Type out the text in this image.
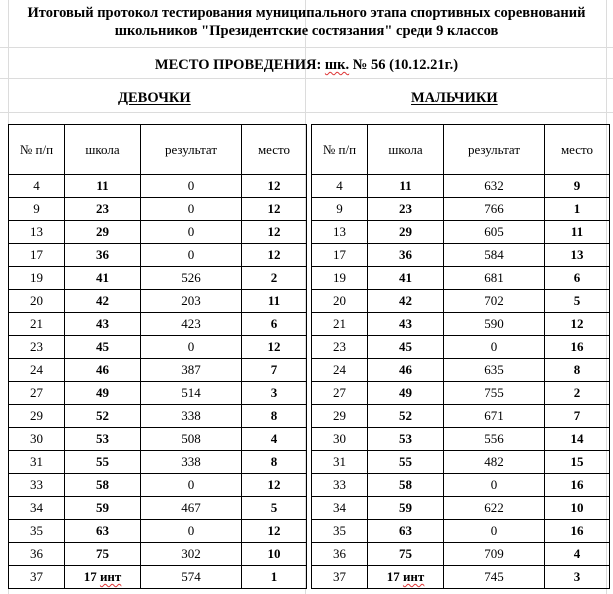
Итоговый протокол тестирования муниципального этапа спортивных соревнований
школьников "Президентские состязания" среди 9 классов
МЕСТО ПРОВЕДЕНИЯ: шк. № 56 (10.12.21г.)
ДЕВОЧКИ	МАЛЬЧИКИ
№ п/п	школа	результат	место
4	11	0	12
9	23	0	12
13	29	0	12
17	36	0	12
19	41	526	2
20	42	203	11
21	43	423	6
23	45	0	12
24	46	387	7
27	49	514	3
29	52	338	8
30	53	508	4
31	55	338	8
33	58	0	12
34	59	467	5
35	63	0	12
36	75	302	10
37	17 инт	574	1
№ п/п	школа	результат	место
4	11	632	9
9	23	766	1
13	29	605	11
17	36	584	13
19	41	681	6
20	42	702	5
21	43	590	12
23	45	0	16
24	46	635	8
27	49	755	2
29	52	671	7
30	53	556	14
31	55	482	15
33	58	0	16
34	59	622	10
35	63	0	16
36	75	709	4
37	17 инт	745	3
